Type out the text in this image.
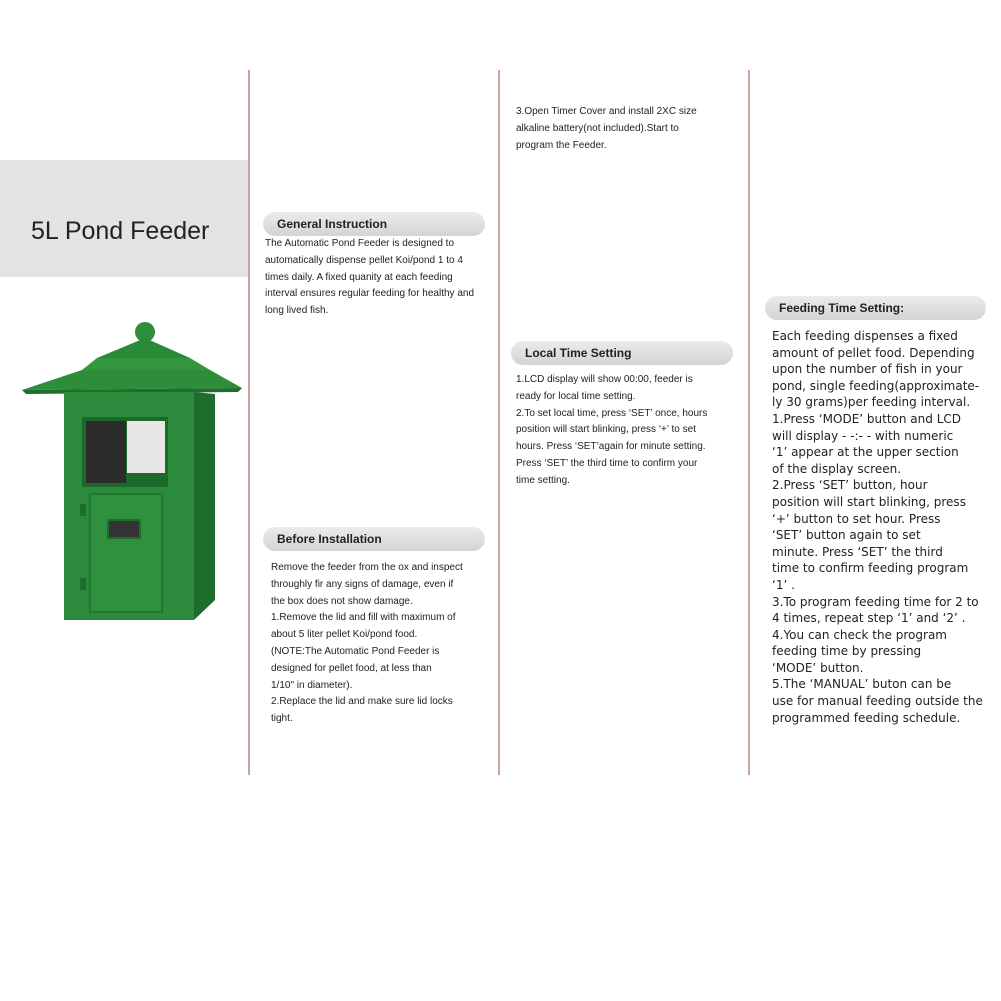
5L Pond Feeder	General Instruction
The Automatic Pond Feeder is designed to
automatically dispense pellet Koi/pond 1 to 4
times daily. A fixed quanity at each feeding
interval ensures regular feeding for healthy and
long lived fish.
Before Installation
Remove the feeder from the ox and inspect
throughly fir any signs of damage, even if
the box does not show damage.
1.Remove the lid and fill with maximum of
about 5 liter pellet Koi/pond food.
(NOTE:The Automatic Pond Feeder is
designed for pellet food, at less than
1/10" in diameter).
2.Replace the lid and make sure lid locks
tight.
3.Open Timer Cover and install 2XC size
alkaline battery(not included).Start to
program the Feeder.
Local Time Setting
1.LCD display will show 00:00, feeder is
ready for local time setting.
2.To set local time, press ‘SET’ once, hours
position will start blinking, press ‘+’ to set
hours. Press ‘SET’again for minute setting.
Press ‘SET’ the third time to confirm your
time setting.
Feeding Time Setting:
Each feeding dispenses a fixed
amount of pellet food. Depending
upon the number of fish in your
pond, single feeding(approximate-
ly 30 grams)per feeding interval.
1.Press ‘MODE’ button and LCD
will display - -:- - with numeric
‘1’ appear at the upper section
of the display screen.
2.Press ‘SET’ button, hour
position will start blinking, press
‘+’ button to set hour. Press
‘SET’ button again to set
minute. Press ‘SET’ the third
time to confirm feeding program
‘1’ .
3.To program feeding time for 2 to
4 times, repeat step ‘1’ and ‘2’ .
4.You can check the program
feeding time by pressing
‘MODE’ button.
5.The ‘MANUAL’ buton can be
use for manual feeding outside the
programmed feeding schedule.
